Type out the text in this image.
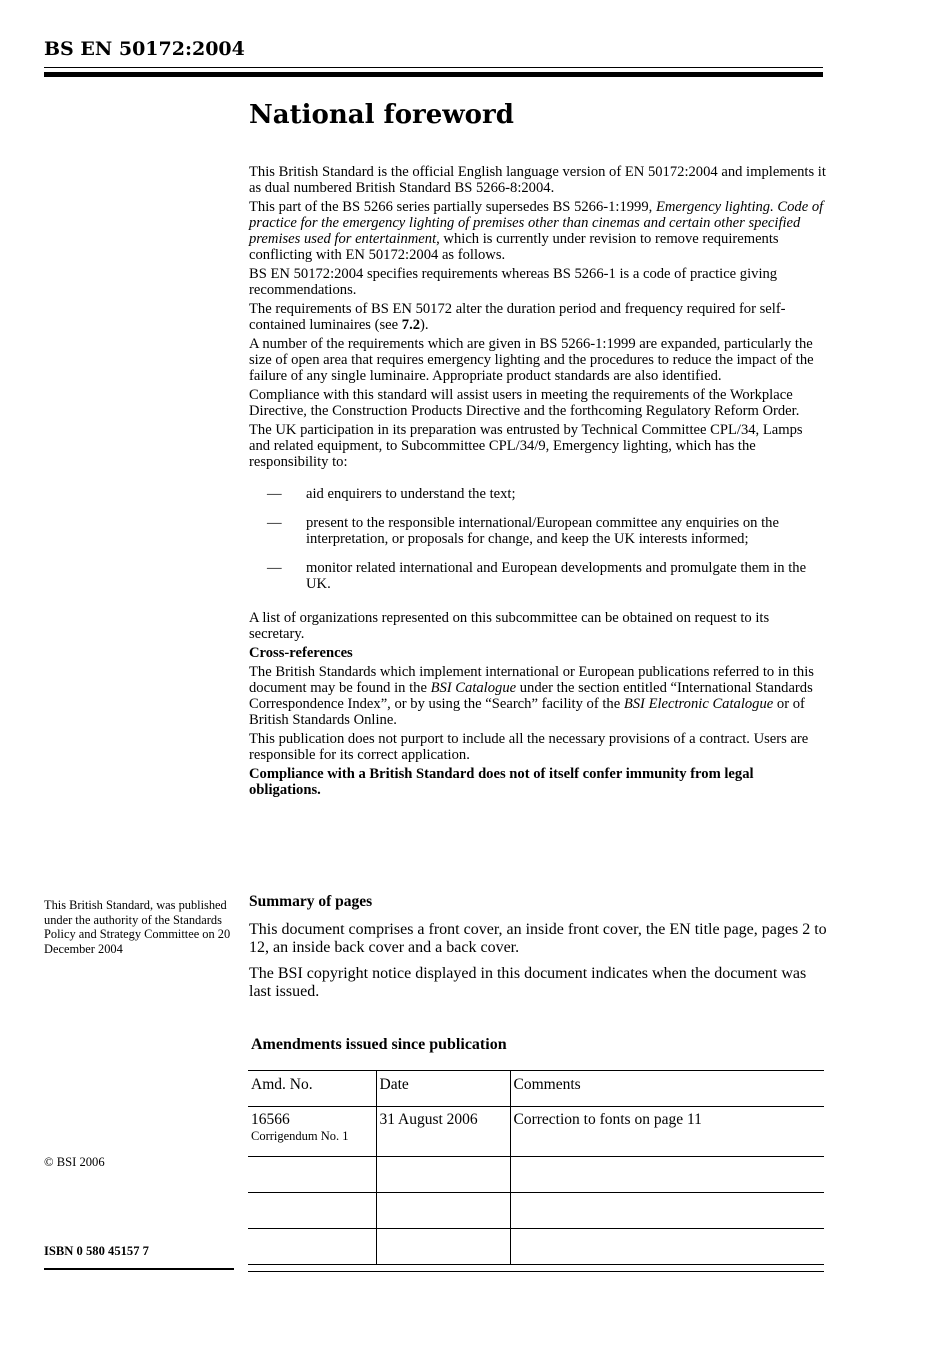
BS EN 50172:2004
National foreword

This British Standard is the official English language version of EN 50172:2004 and implements it as dual numbered British Standard BS 5266-8:2004.

This part of the BS 5266 series partially supersedes BS 5266-1:1999, Emergency lighting. Code of practice for the emergency lighting of premises other than cinemas and certain other specified premises used for entertainment, which is currently under revision to remove requirements conflicting with EN 50172:2004 as follows.

BS EN 50172:2004 specifies requirements whereas BS 5266-1 is a code of practice giving recommendations.

The requirements of BS EN 50172 alter the duration period and frequency required for self-contained luminaires (see 7.2).

A number of the requirements which are given in BS 5266-1:1999 are expanded, particularly the size of open area that requires emergency lighting and the procedures to reduce the impact of the failure of any single luminaire. Appropriate product standards are also identified.

Compliance with this standard will assist users in meeting the requirements of the Workplace Directive, the Construction Products Directive and the forthcoming Regulatory Reform Order.

The UK participation in its preparation was entrusted by Technical Committee CPL/34, Lamps and related equipment, to Subcommittee CPL/34/9, Emergency lighting, which has the responsibility to:

—	aid enquirers to understand the text;
—	present to the responsible international/European committee any enquiries on the interpretation, or proposals for change, and keep the UK interests informed;
—	monitor related international and European developments and promulgate them in the UK.

A list of organizations represented on this subcommittee can be obtained on request to its secretary.

Cross-references

The British Standards which implement international or European publications referred to in this document may be found in the BSI Catalogue under the section entitled “International Standards Correspondence Index”, or by using the “Search” facility of the BSI Electronic Catalogue or of British Standards Online.

This publication does not purport to include all the necessary provisions of a contract. Users are responsible for its correct application.

Compliance with a British Standard does not of itself confer immunity from legal obligations.

This British Standard, was published under the authority of the Standards Policy and Strategy Committee on 20 December 2004
Summary of pages

This document comprises a front cover, an inside front cover, the EN title page, pages 2 to 12, an inside back cover and a back cover.

The BSI copyright notice displayed in this document indicates when the document was last issued.

Amendments issued since publication
Amd. No.	Date	Comments
16566
Corrigendum No. 1	31 August 2006	Correction to fonts on page 11

© BSI 2006
ISBN 0 580 45157 7
